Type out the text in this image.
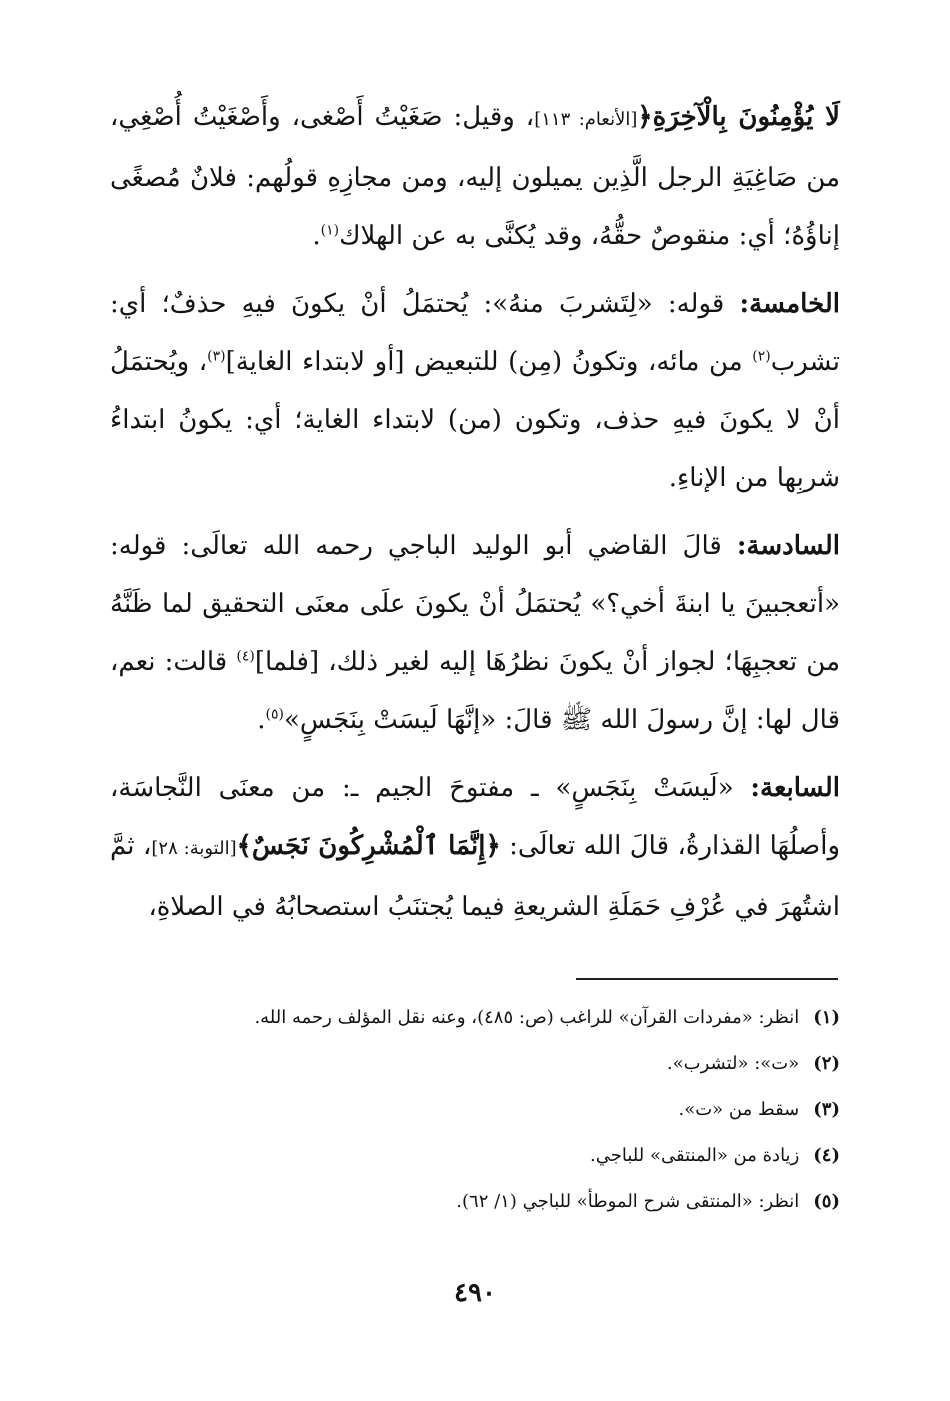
لَا يُؤْمِنُونَ بِالْآخِرَةِ﴿[الأنعام: ١١٣]، وقيل: صَغَيْتُ أَصْغى، وأَصْغَيْتُ أُصْغِي، من صَاغِيَةِ الرجل الَّذِين يميلون إليه، ومن مجازِهِ قولُهم: فلانٌ مُصغًى إناؤُهُ؛ أي: منقوصٌ حقُّهُ، وقد يُكنَّى به عن الهلاك$^{(١)}$.

الخامسة: قوله: «لِتَشربَ منهُ»: يُحتمَلُ أنْ يكونَ فيهِ حذفٌ؛ أي: تشرب$^{(٢)}$ من مائه، وتكونُ (مِن) للتبعيض [أو لابتداء الغاية]$^{(٣)}$، ويُحتمَلُ أنْ لا يكونَ فيهِ حذف، وتكون (من) لابتداء الغاية؛ أي: يكونُ ابتداءُ شربِها من الإناءِ.

السادسة: قالَ القاضي أبو الوليد الباجي رحمه الله تعالَى: قوله: «أتعجبينَ يا ابنةَ أخي؟» يُحتمَلُ أنْ يكونَ علَى معنَى التحقيق لما ظَنَّهُ من تعجبِهَا؛ لجواز أنْ يكونَ نظرُهَا إليه لغير ذلك، [فلما]$^{(٤)}$ قالت: نعم، قال لها: إنَّ رسولَ الله ﷺ قالَ: «إنَّهَا لَيسَتْ بِنَجَسٍ»$^{(٥)}$.

السابعة: «لَيسَتْ بِنَجَسٍ» ـ مفتوحَ الجيم ـ: من معنَى النَّجاسَة، وأصلُهَا القذارةُ، قالَ الله تعالَى: ﴿إِنَّمَا ٱلْمُشْرِكُونَ نَجَسٌ﴾[التوبة: ٢٨]، ثمَّ اشتُهرَ في عُرْفِ حَمَلَةِ الشريعةِ فيما يُجتنَبُ استصحابُهُ في الصلاةِ،

(١)انظر: «مفردات القرآن» للراغب (ص: ٤٨٥)، وعنه نقل المؤلف رحمه الله.
(٢)«ت»: «لتشرب».
(٣)سقط من «ت».
(٤)زيادة من «المنتقى» للباجي.
(٥)انظر: «المنتقى شرح الموطأ» للباجي (١/ ٦٢).
٤٩٠
